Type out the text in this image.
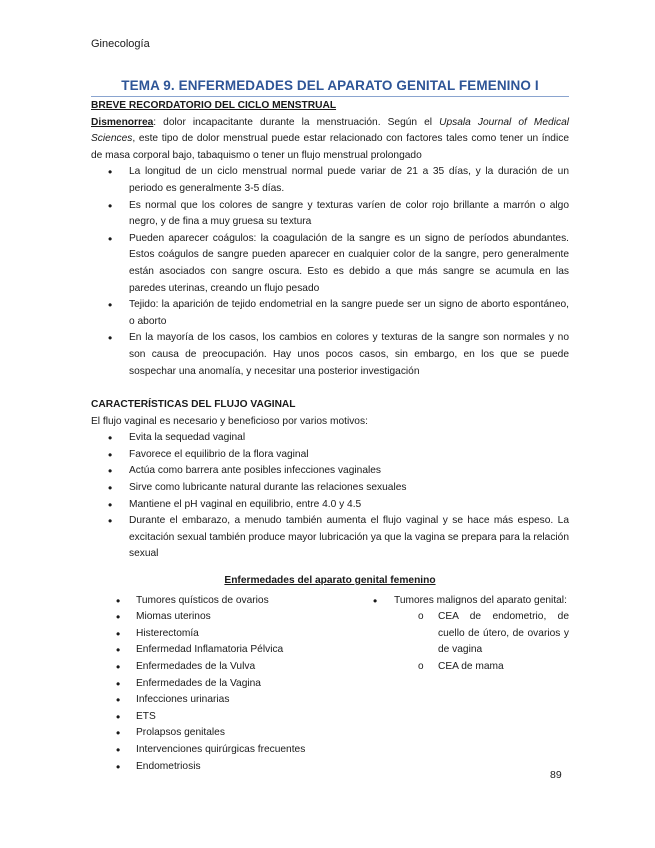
Ginecología
TEMA 9. ENFERMEDADES DEL APARATO GENITAL FEMENINO I
BREVE RECORDATORIO DEL CICLO MENSTRUAL

Dismenorrea: dolor incapacitante durante la menstruación. Según el Upsala Journal of Medical Sciences, este tipo de dolor menstrual puede estar relacionado con factores tales como tener un índice de masa corporal bajo, tabaquismo o tener un flujo menstrual prolongado

• La longitud de un ciclo menstrual normal puede variar de 21 a 35 días, y la duración de un periodo es generalmente 3-5 días.
• Es normal que los colores de sangre y texturas varíen de color rojo brillante a marrón o algo negro, y de fina a muy gruesa su textura
• Pueden aparecer coágulos: la coagulación de la sangre es un signo de períodos abundantes. Estos coágulos de sangre pueden aparecer en cualquier color de la sangre, pero generalmente están asociados con sangre oscura. Esto es debido a que más sangre se acumula en las paredes uterinas, creando un flujo pesado
• Tejido: la aparición de tejido endometrial en la sangre puede ser un signo de aborto espontáneo, o aborto
• En la mayoría de los casos, los cambios en colores y texturas de la sangre son normales y no son causa de preocupación. Hay unos pocos casos, sin embargo, en los que se puede sospechar una anomalía, y necesitar una posterior investigación
CARACTERÍSTICAS DEL FLUJO VAGINAL

El flujo vaginal es necesario y beneficioso por varios motivos:

• Evita la sequedad vaginal
• Favorece el equilibrio de la flora vaginal
• Actúa como barrera ante posibles infecciones vaginales
• Sirve como lubricante natural durante las relaciones sexuales
• Mantiene el pH vaginal en equilibrio, entre 4.0 y 4.5
• Durante el embarazo, a menudo también aumenta el flujo vaginal y se hace más espeso. La excitación sexual también produce mayor lubricación ya que la vagina se prepara para la relación sexual
Enfermedades del aparato genital femenino
• Tumores quísticos de ovarios
• Miomas uterinos
• Histerectomía
• Enfermedad Inflamatoria Pélvica
• Enfermedades de la Vulva
• Enfermedades de la Vagina
• Infecciones urinarias
• ETS
• Prolapsos genitales
• Intervenciones quirúrgicas frecuentes
• Endometriosis
• Tumores malignos del aparato genital:
o CEA de endometrio, de cuello de útero, de ovarios y de vagina
o CEA de mama
89
